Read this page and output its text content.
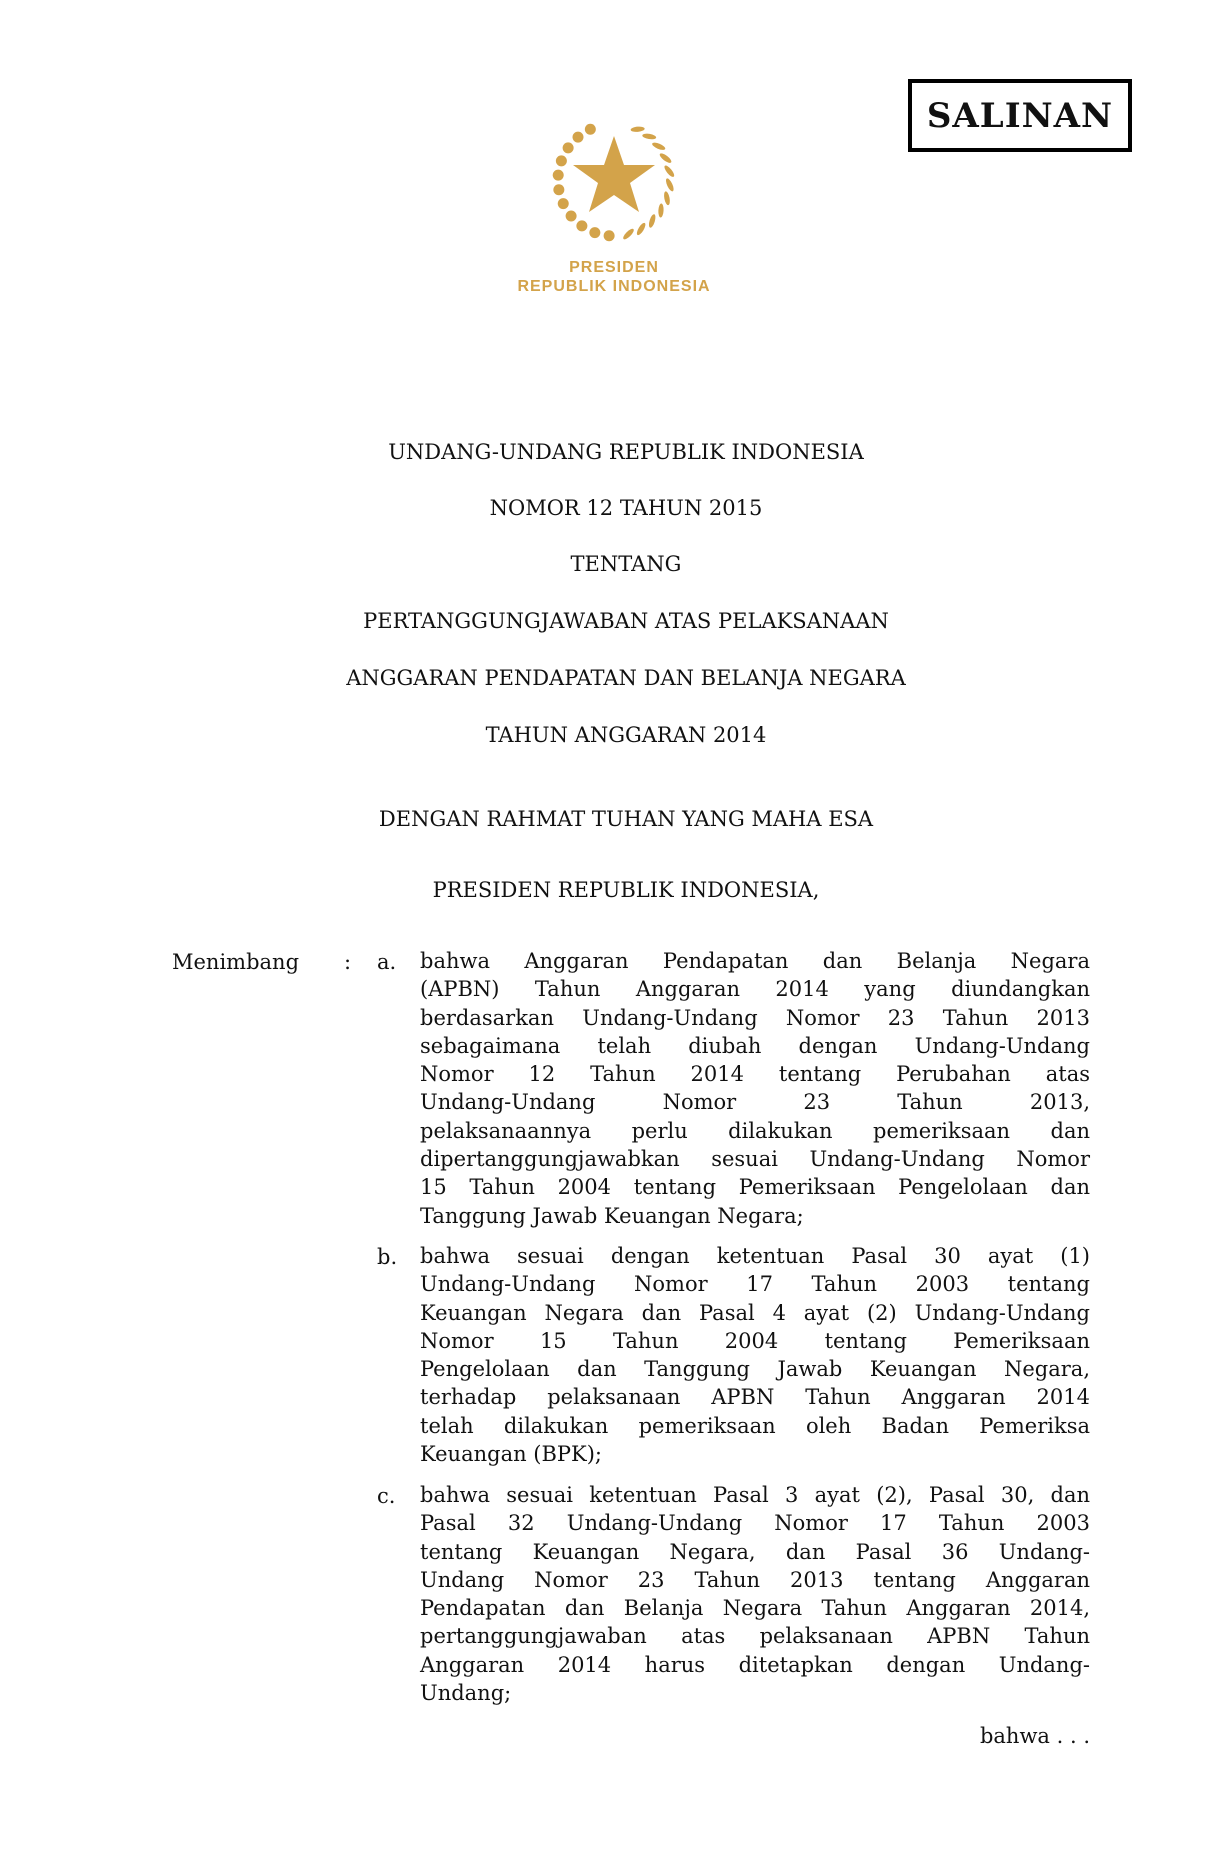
SALINAN
PRESIDEN
REPUBLIK INDONESIA
UNDANG-UNDANG REPUBLIK INDONESIA
NOMOR 12 TAHUN 2015
TENTANG
PERTANGGUNGJAWABAN ATAS PELAKSANAAN
ANGGARAN PENDAPATAN DAN BELANJA NEGARA
TAHUN ANGGARAN 2014
DENGAN RAHMAT TUHAN YANG MAHA ESA
PRESIDEN REPUBLIK INDONESIA,
Menimbang : a. bahwa Anggaran Pendapatan dan Belanja Negara
(APBN) Tahun Anggaran 2014 yang diundangkan
berdasarkan Undang-Undang Nomor 23 Tahun 2013
sebagaimana telah diubah dengan Undang-Undang
Nomor 12 Tahun 2014 tentang Perubahan atas
Undang-Undang Nomor 23 Tahun 2013,
pelaksanaannya perlu dilakukan pemeriksaan dan
dipertanggungjawabkan sesuai Undang-Undang Nomor
15 Tahun 2004 tentang Pemeriksaan Pengelolaan dan
Tanggung Jawab Keuangan Negara;
b. bahwa sesuai dengan ketentuan Pasal 30 ayat (1)
Undang-Undang Nomor 17 Tahun 2003 tentang
Keuangan Negara dan Pasal 4 ayat (2) Undang-Undang
Nomor 15 Tahun 2004 tentang Pemeriksaan
Pengelolaan dan Tanggung Jawab Keuangan Negara,
terhadap pelaksanaan APBN Tahun Anggaran 2014
telah dilakukan pemeriksaan oleh Badan Pemeriksa
Keuangan (BPK);
c. bahwa sesuai ketentuan Pasal 3 ayat (2), Pasal 30, dan
Pasal 32 Undang-Undang Nomor 17 Tahun 2003
tentang Keuangan Negara, dan Pasal 36 Undang-
Undang Nomor 23 Tahun 2013 tentang Anggaran
Pendapatan dan Belanja Negara Tahun Anggaran 2014,
pertanggungjawaban atas pelaksanaan APBN Tahun
Anggaran 2014 harus ditetapkan dengan Undang-
Undang;
bahwa . . .
